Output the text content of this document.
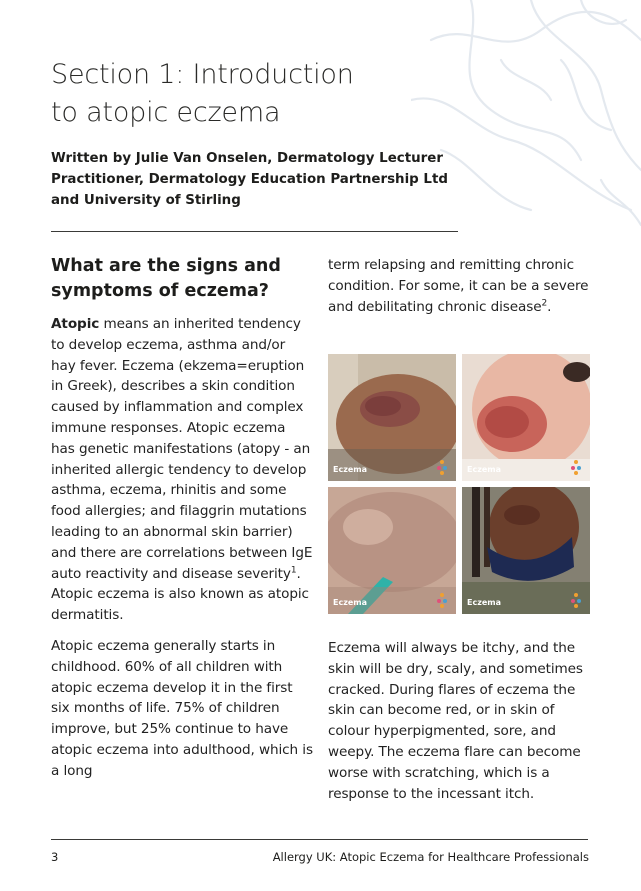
Section 1: Introduction
to atopic eczema

Written by Julie Van Onselen, Dermatology Lecturer Practitioner, Dermatology Education Partnership Ltd and University of Stirling

What are the signs and symptoms of eczema?

Atopic means an inherited tendency to develop eczema, asthma and/or hay fever. Eczema (ekzema=eruption in Greek), describes a skin condition caused by inflammation and complex immune responses. Atopic eczema has genetic manifestations (atopy - an inherited allergic tendency to develop asthma, eczema, rhinitis and some food allergies; and filaggrin mutations leading to an abnormal skin barrier) and there are correlations between IgE auto reactivity and disease severity$^1$. Atopic eczema is also known as atopic dermatitis.

Atopic eczema generally starts in childhood. 60% of all children with atopic eczema develop it in the first six months of life. 75% of children improve, but 25% continue to have atopic eczema into adulthood, which is a long

term relapsing and remitting chronic condition. For some, it can be a severe and debilitating chronic disease$^2$.

Eczema	Eczema
Eczema	Eczema

Eczema will always be itchy, and the skin will be dry, scaly, and sometimes cracked. During flares of eczema the skin can become red, or in skin of colour hyperpigmented, sore, and weepy. The eczema flare can become worse with scratching, which is a response to the incessant itch.

3	Allergy UK: Atopic Eczema for Healthcare Professionals
